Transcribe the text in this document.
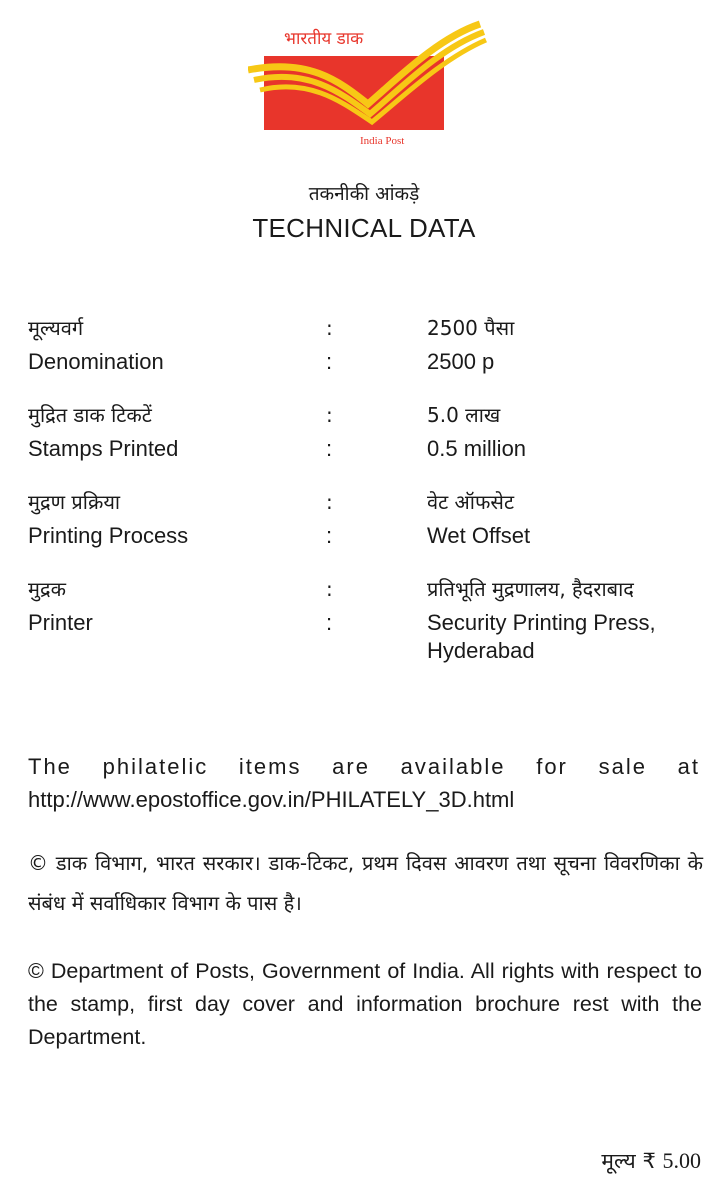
भारतीय डाक
India Post
तकनीकी आंकड़े
TECHNICAL DATA
मूल्यवर्ग	:	2500 पैसा
Denomination	:	2500 p
मुद्रित डाक टिकटें	:	5.0 लाख
Stamps Printed	:	0.5 million
मुद्रण प्रक्रिया	:	वेट ऑफसेट
Printing Process	:	Wet Offset
मुद्रक	:	प्रतिभूति मुद्रणालय, हैदराबाद
Printer	:	Security Printing Press, Hyderabad
The philatelic items are available for sale at
http://www.epostoffice.gov.in/PHILATELY_3D.html
© डाक विभाग, भारत सरकार। डाक-टिकट, प्रथम दिवस आवरण तथा सूचना विवरणिका के संबंध में सर्वाधिकार विभाग के पास है।
© Department of Posts, Government of India. All rights with respect to the stamp, first day cover and information brochure rest with the Department.
मूल्य ₹ 5.00
